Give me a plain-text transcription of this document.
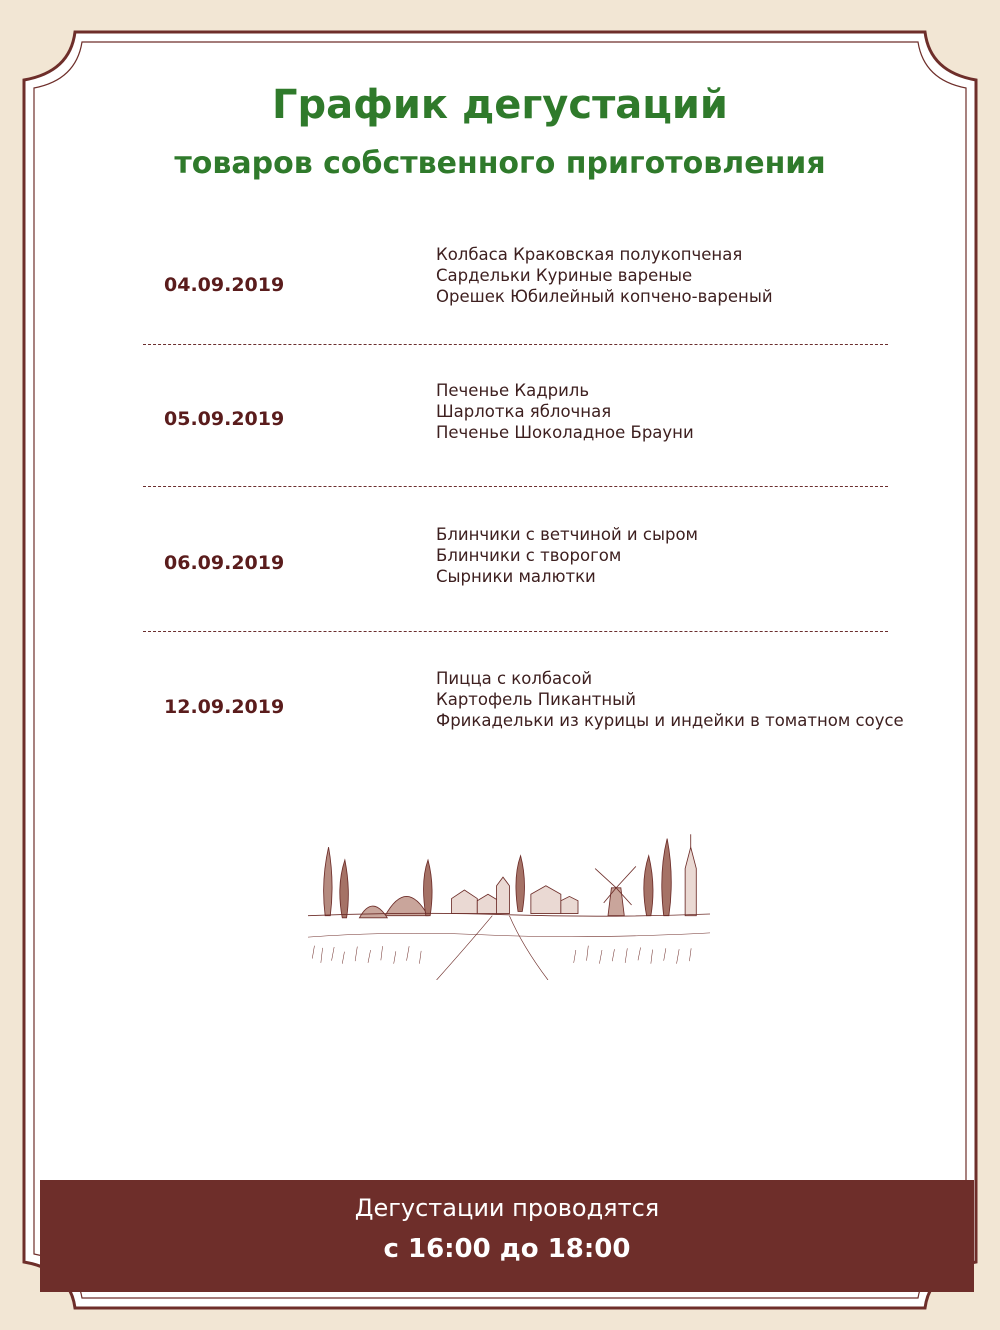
График дегустаций
товаров собственного приготовления
04.09.2019
Колбаса Краковская полукопченая
Сардельки Куриные вареные
Орешек Юбилейный копчено-вареный
05.09.2019
Печенье Кадриль
Шарлотка яблочная
Печенье Шоколадное Брауни
06.09.2019
Блинчики с ветчиной и сыром
Блинчики с творогом
Сырники малютки
12.09.2019
Пицца с колбасой
Картофель Пикантный
Фрикадельки из курицы и индейки в томатном соусе
Дегустации проводятся
с 16:00 до 18:00
